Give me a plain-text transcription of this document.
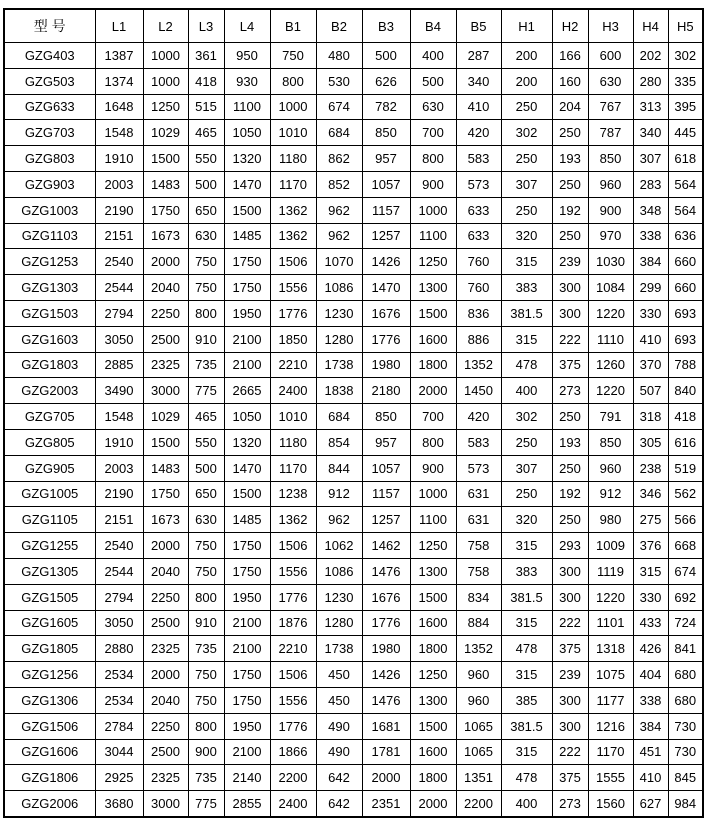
型 号	L1	L2	L3	L4	B1	B2	B3	B4	B5	H1	H2	H3	H4	H5
GZG403	1387	1000	361	950	750	480	500	400	287	200	166	600	202	302
GZG503	1374	1000	418	930	800	530	626	500	340	200	160	630	280	335
GZG633	1648	1250	515	1100	1000	674	782	630	410	250	204	767	313	395
GZG703	1548	1029	465	1050	1010	684	850	700	420	302	250	787	340	445
GZG803	1910	1500	550	1320	1180	862	957	800	583	250	193	850	307	618
GZG903	2003	1483	500	1470	1170	852	1057	900	573	307	250	960	283	564
GZG1003	2190	1750	650	1500	1362	962	1157	1000	633	250	192	900	348	564
GZG1103	2151	1673	630	1485	1362	962	1257	1100	633	320	250	970	338	636
GZG1253	2540	2000	750	1750	1506	1070	1426	1250	760	315	239	1030	384	660
GZG1303	2544	2040	750	1750	1556	1086	1470	1300	760	383	300	1084	299	660
GZG1503	2794	2250	800	1950	1776	1230	1676	1500	836	381.5	300	1220	330	693
GZG1603	3050	2500	910	2100	1850	1280	1776	1600	886	315	222	1110	410	693
GZG1803	2885	2325	735	2100	2210	1738	1980	1800	1352	478	375	1260	370	788
GZG2003	3490	3000	775	2665	2400	1838	2180	2000	1450	400	273	1220	507	840
GZG705	1548	1029	465	1050	1010	684	850	700	420	302	250	791	318	418
GZG805	1910	1500	550	1320	1180	854	957	800	583	250	193	850	305	616
GZG905	2003	1483	500	1470	1170	844	1057	900	573	307	250	960	238	519
GZG1005	2190	1750	650	1500	1238	912	1157	1000	631	250	192	912	346	562
GZG1105	2151	1673	630	1485	1362	962	1257	1100	631	320	250	980	275	566
GZG1255	2540	2000	750	1750	1506	1062	1462	1250	758	315	293	1009	376	668
GZG1305	2544	2040	750	1750	1556	1086	1476	1300	758	383	300	1119	315	674
GZG1505	2794	2250	800	1950	1776	1230	1676	1500	834	381.5	300	1220	330	692
GZG1605	3050	2500	910	2100	1876	1280	1776	1600	884	315	222	1101	433	724
GZG1805	2880	2325	735	2100	2210	1738	1980	1800	1352	478	375	1318	426	841
GZG1256	2534	2000	750	1750	1506	450	1426	1250	960	315	239	1075	404	680
GZG1306	2534	2040	750	1750	1556	450	1476	1300	960	385	300	1177	338	680
GZG1506	2784	2250	800	1950	1776	490	1681	1500	1065	381.5	300	1216	384	730
GZG1606	3044	2500	900	2100	1866	490	1781	1600	1065	315	222	1170	451	730
GZG1806	2925	2325	735	2140	2200	642	2000	1800	1351	478	375	1555	410	845
GZG2006	3680	3000	775	2855	2400	642	2351	2000	2200	400	273	1560	627	984
